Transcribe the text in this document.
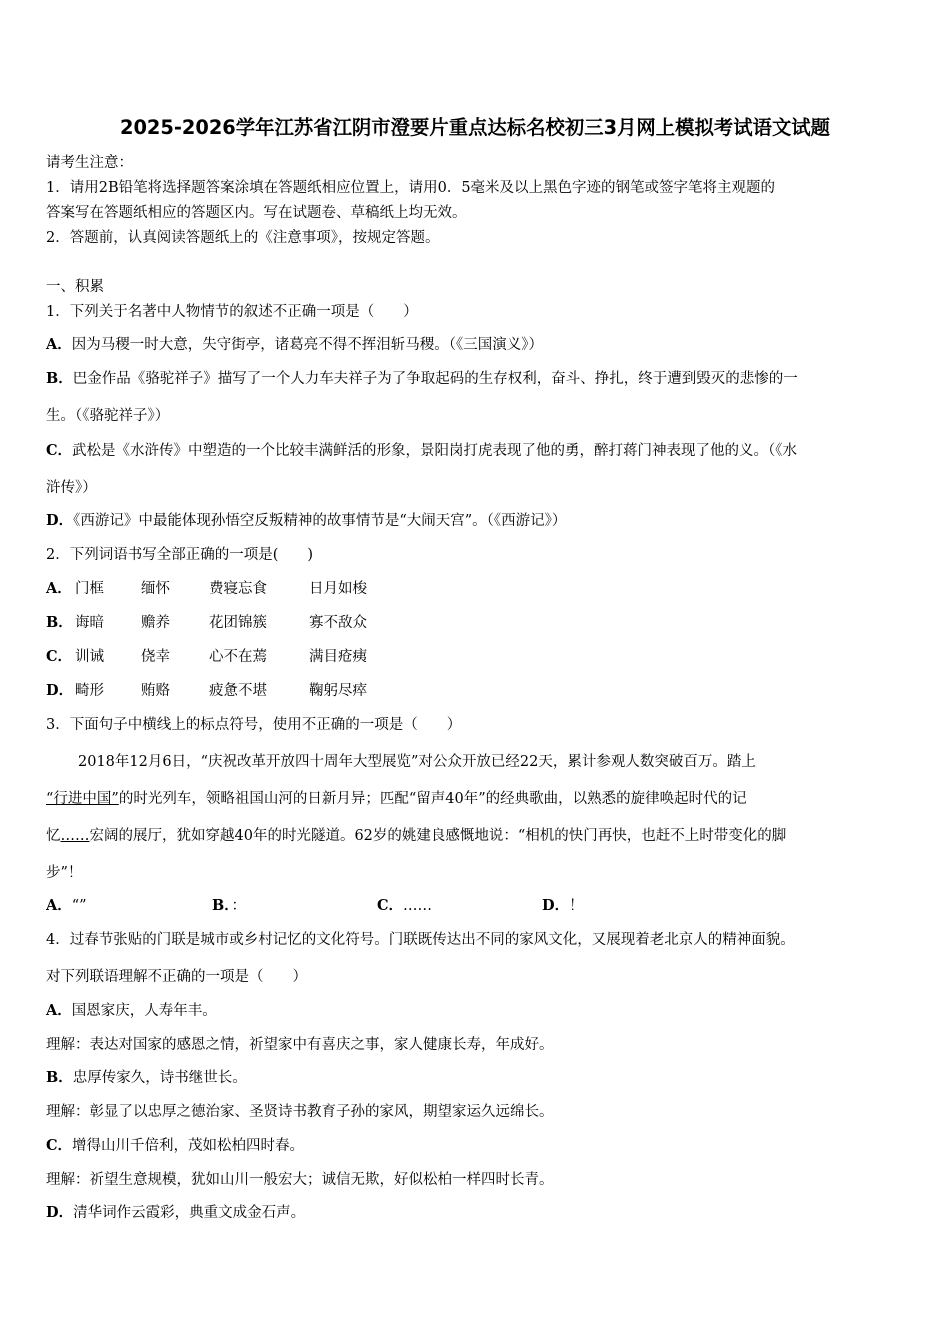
2025-2026学年江苏省江阴市澄要片重点达标名校初三3月网上模拟考试语文试题
请考生注意：
1．请用2B铅笔将选择题答案涂填在答题纸相应位置上，请用0．5毫米及以上黑色字迹的钢笔或签字笔将主观题的
答案写在答题纸相应的答题区内。写在试题卷、草稿纸上均无效。
2．答题前，认真阅读答题纸上的《注意事项》，按规定答题。
一、积累
1．下列关于名著中人物情节的叙述不正确一项是（　　）
A．因为马稷一时大意，失守街亭，诸葛亮不得不挥泪斩马稷。（《三国演义》）
B．巴金作品《骆驼祥子》描写了一个人力车夫祥子为了争取起码的生存权利，奋斗、挣扎，终于遭到毁灭的悲惨的一
生。（《骆驼祥子》）
C．武松是《水浒传》中塑造的一个比较丰满鲜活的形象，景阳岗打虎表现了他的勇，醉打蒋门神表现了他的义。（《水
浒传》）
D．《西游记》中最能体现孙悟空反叛精神的故事情节是“大闹天宫”。（《西游记》）
2．下列词语书写全部正确的一项是(　　)
A． 门框	缅怀	费寝忘食	日月如梭
B． 诲暗	赡养	花团锦簇	寡不敌众
C． 训诫	侥幸	心不在蔫	满目疮痍
D． 畸形	贿赂	疲惫不堪	鞠躬尽瘁
3．下面句子中横线上的标点符号，使用不正确的一项是（　　）
2018年12月6日，“庆祝改革开放四十周年大型展览”对公众开放已经22天，累计参观人数突破百万。踏上
“行进中国”的时光列车，领略祖国山河的日新月异；匹配“留声40年”的经典歌曲，以熟悉的旋律唤起时代的记
忆……宏阔的展厅，犹如穿越40年的时光隧道。62岁的姚建良感慨地说：“相机的快门再快，也赶不上时带变化的脚
步”！
A．“”	B．：	C．……	D．！
4．过春节张贴的门联是城市或乡村记忆的文化符号。门联既传达出不同的家风文化，又展现着老北京人的精神面貌。
对下列联语理解不正确的一项是（　　）
A．国恩家庆，人寿年丰。
理解：表达对国家的感恩之情，祈望家中有喜庆之事，家人健康长寿，年成好。
B．忠厚传家久，诗书继世长。
理解：彰显了以忠厚之德治家、圣贤诗书教育子孙的家风，期望家运久远绵长。
C．增得山川千倍利，茂如松柏四时春。
理解：祈望生意规模，犹如山川一般宏大；诚信无欺，好似松柏一样四时长青。
D．清华词作云霞彩，典重文成金石声。
